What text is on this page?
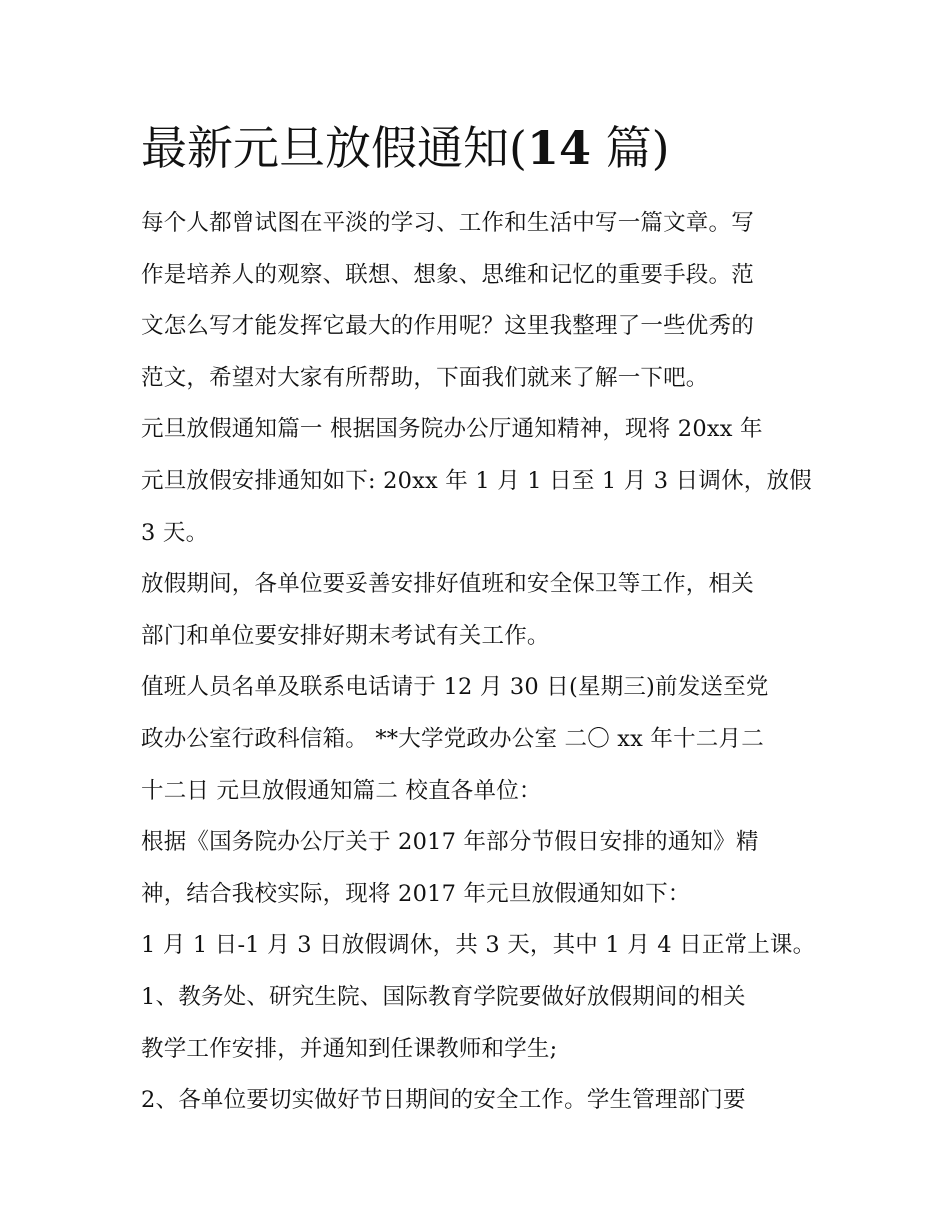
最新元旦放假通知(14 篇)
每个人都曾试图在平淡的学习、工作和生活中写一篇文章。写
作是培养人的观察、联想、想象、思维和记忆的重要手段。范
文怎么写才能发挥它最大的作用呢？这里我整理了一些优秀的
范文，希望对大家有所帮助，下面我们就来了解一下吧。
元旦放假通知篇一 根据国务院办公厅通知精神，现将 20xx 年
元旦放假安排通知如下: 20xx 年 1 月 1 日至 1 月 3 日调休，放假
3 天。
放假期间，各单位要妥善安排好值班和安全保卫等工作，相关
部门和单位要安排好期末考试有关工作。
值班人员名单及联系电话请于 12 月 30 日(星期三)前发送至党
政办公室行政科信箱。 **大学党政办公室 二〇 xx 年十二月二
十二日 元旦放假通知篇二 校直各单位：
根据《国务院办公厅关于 2017 年部分节假日安排的通知》精
神，结合我校实际，现将 2017 年元旦放假通知如下：
1 月 1 日-1 月 3 日放假调休，共 3 天，其中 1 月 4 日正常上课。
1、教务处、研究生院、国际教育学院要做好放假期间的相关
教学工作安排，并通知到任课教师和学生;
2、各单位要切实做好节日期间的安全工作。学生管理部门要
